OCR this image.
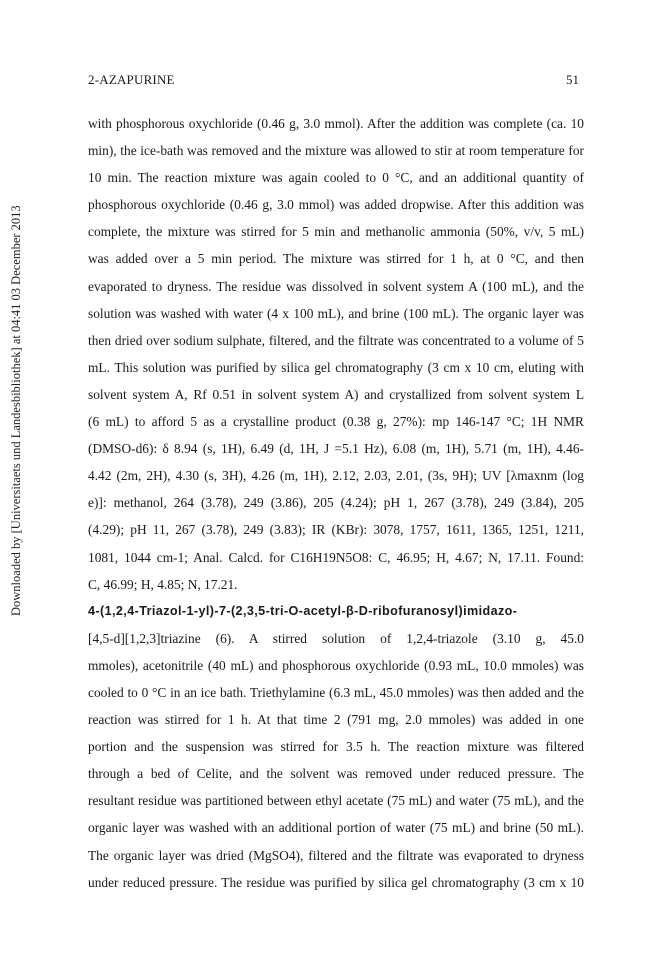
2-AZAPURINE	51
Downloaded by [Universitaets und Landesbibliothek] at 04:41 03 December 2013
with phosphorous oxychloride (0.46 g, 3.0 mmol). After the addition was complete (ca. 10
min), the ice-bath was removed and the mixture was allowed to stir at room temperature for
10 min. The reaction mixture was again cooled to 0 °C, and an additional quantity of
phosphorous oxychloride (0.46 g, 3.0 mmol) was added dropwise. After this addition was
complete, the mixture was stirred for 5 min and methanolic ammonia (50%, v/v, 5 mL)
was added over a 5 min period. The mixture was stirred for 1 h, at 0 °C, and then
evaporated to dryness. The residue was dissolved in solvent system A (100 mL), and the
solution was washed with water (4 x 100 mL), and brine (100 mL). The organic layer was
then dried over sodium sulphate, filtered, and the filtrate was concentrated to a volume of 5
mL. This solution was purified by silica gel chromatography (3 cm x 10 cm, eluting with
solvent system A, Rf 0.51 in solvent system A) and crystallized from solvent system L
(6 mL) to afford 5 as a crystalline product (0.38 g, 27%): mp 146-147 °C; 1H NMR
(DMSO-d6): δ 8.94 (s, 1H), 6.49 (d, 1H, J =5.1 Hz), 6.08 (m, 1H), 5.71 (m, 1H), 4.46-
4.42 (2m, 2H), 4.30 (s, 3H), 4.26 (m, 1H), 2.12, 2.03, 2.01, (3s, 9H); UV [λmaxnm (log
e)]: methanol, 264 (3.78), 249 (3.86), 205 (4.24); pH 1, 267 (3.78), 249 (3.84), 205
(4.29); pH 11, 267 (3.78), 249 (3.83); IR (KBr): 3078, 1757, 1611, 1365, 1251, 1211,
1081, 1044 cm-1; Anal. Calcd. for C16H19N5O8: C, 46.95; H, 4.67; N, 17.11. Found:
C, 46.99; H, 4.85; N, 17.21.
4-(1,2,4-Triazol-1-yl)-7-(2,3,5-tri-O-acetyl-β-D-ribofuranosyl)imidazo-
[4,5-d][1,2,3]triazine (6). A stirred solution of 1,2,4-triazole (3.10 g, 45.0
mmoles), acetonitrile (40 mL) and phosphorous oxychloride (0.93 mL, 10.0 mmoles) was
cooled to 0 °C in an ice bath. Triethylamine (6.3 mL, 45.0 mmoles) was then added and the
reaction was stirred for 1 h. At that time 2 (791 mg, 2.0 mmoles) was added in one
portion and the suspension was stirred for 3.5 h. The reaction mixture was filtered
through a bed of Celite, and the solvent was removed under reduced pressure. The
resultant residue was partitioned between ethyl acetate (75 mL) and water (75 mL), and the
organic layer was washed with an additional portion of water (75 mL) and brine (50 mL).
The organic layer was dried (MgSO4), filtered and the filtrate was evaporated to dryness
under reduced pressure. The residue was purified by silica gel chromatography (3 cm x 10
